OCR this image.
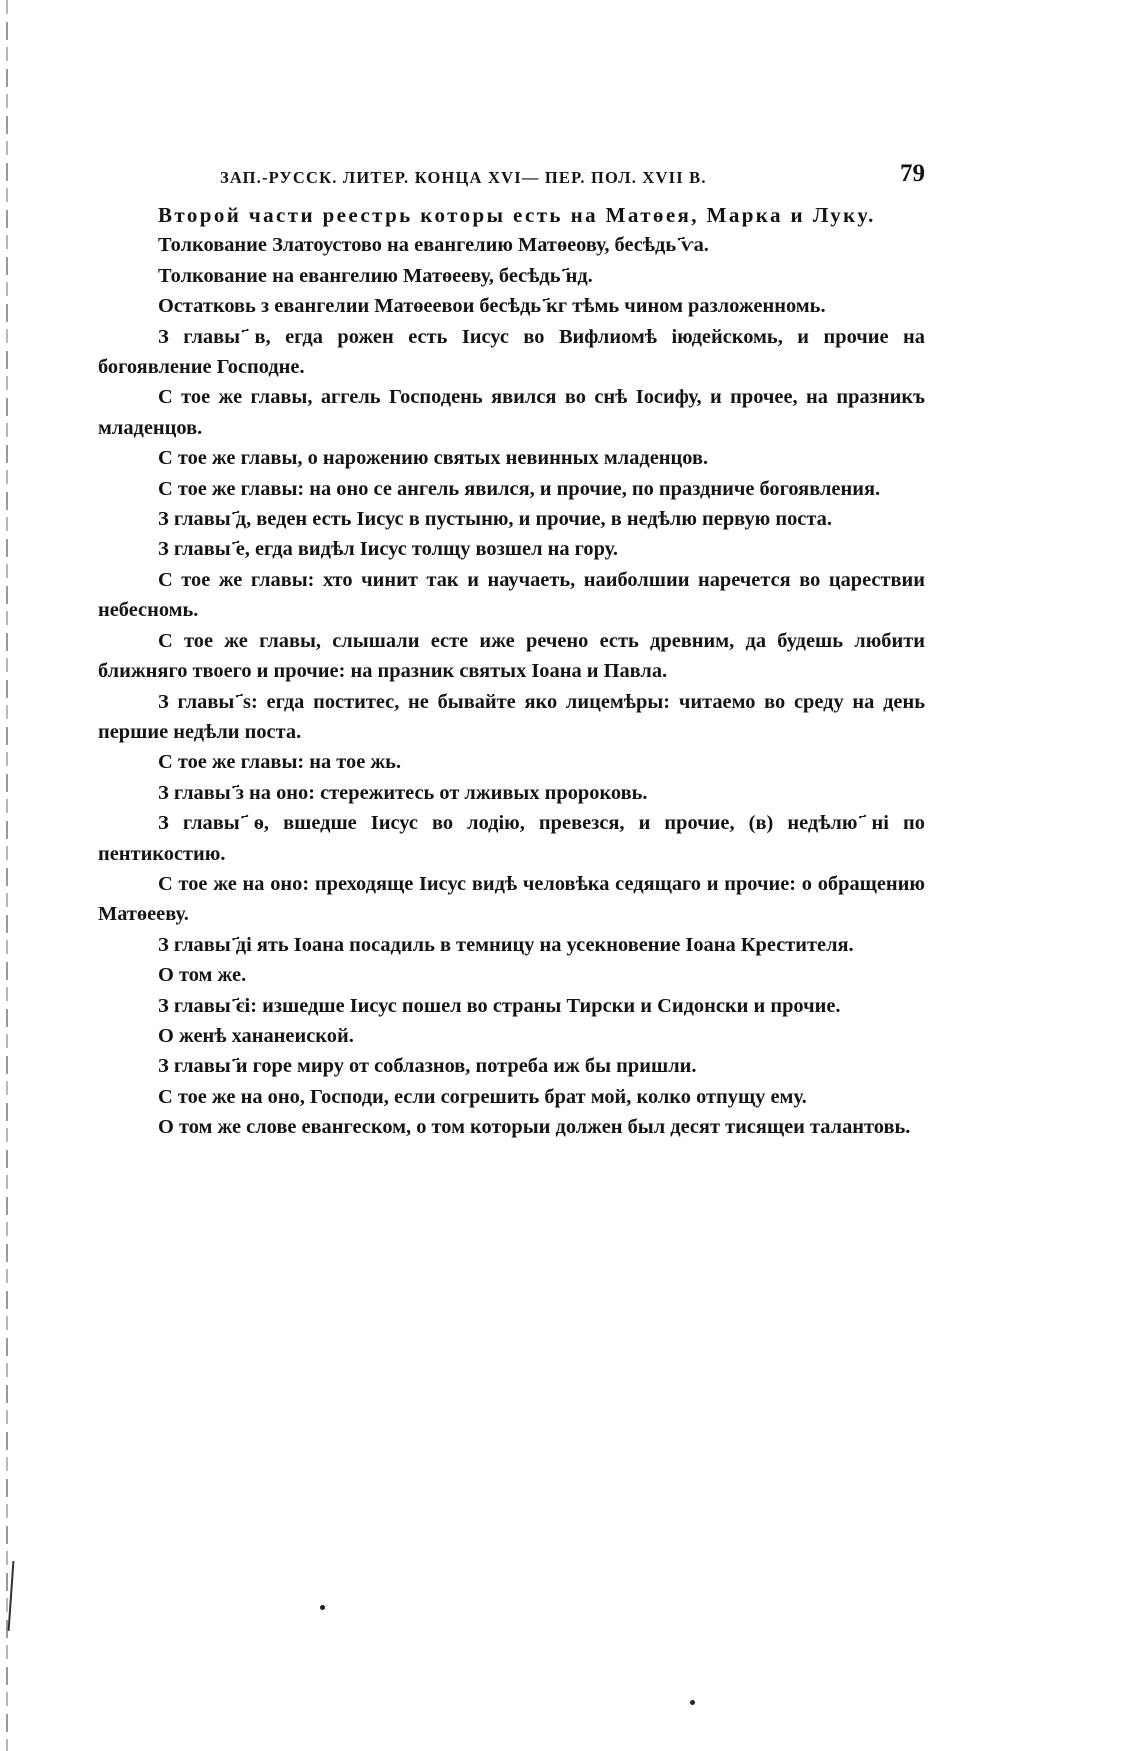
ЗАП.-РУССК. ЛИТЕР. КОНЦА XVI— ПЕР. ПОЛ. XVII В.	79

Второй части реестрь которы есть на Матөея, Марка и Луку.

Толкование Златоустово на евангелию Матөеову, бесѣдь ҃ѵа.

Толкование на евангелию Матөееву, бесѣдь ҃нд.

Остатковь з евангелии Матөеевои бесѣдь ҃кг тѣмь чином разложенномь.

З главы ҃в, егда рожен есть Іисус во Вифлиомѣ іюдейскомь, и прочие на богоявление Господне.

С тое же главы, аггель Господень явился во снѣ Іосифу, и прочее, на празникъ младенцов.

С тое же главы, о нарожению святых невинных младенцов.

С тое же главы: на оно се ангель явился, и прочие, по праздниче богоявления.

З главы ҃д, веден есть Іисус в пустыню, и прочие, в недѣлю первую поста.

З главы ҃е, егда видѣл Іисус толщу возшел на гору.

С тое же главы: хто чинит так и научаеть, наиболшии наречется во царествии небесномь.

С тое же главы, слышали есте иже речено есть древним, да будешь любити ближняго твоего и прочие: на празник святых Іоана и Павла.

З главы ҃ѕ: егда поститес, не бывайте яко лицемѣры: читаемо во среду на день першие недѣли поста.

С тое же главы: на тое жь.

З главы ҃з на оно: стережитесь от лживых пророковь.

З главы ҃ѳ, вшедше Іисус во лодію, превезся, и прочие, (в) недѣлю ҃ні по пентикостию.

С тое же на оно: преходяще Іисус видѣ человѣка седящаго и прочие: о обращению Матөееву.

З главы ҃ді ять Іоана посадиль в темницу на усекновение Іоана Крестителя.

О том же.

З главы ҃єі: изшедше Іисус пошел во страны Тирски и Сидонски и прочие.

О женѣ хананеиской.

З главы ҃и горе миру от соблазнов, потреба иж бы пришли.

С тое же на оно, Господи, если согрешить брат мой, колко отпущу ему.

О том же слове евангеском, о том которыи должен был десят тисящеи талантовь.
